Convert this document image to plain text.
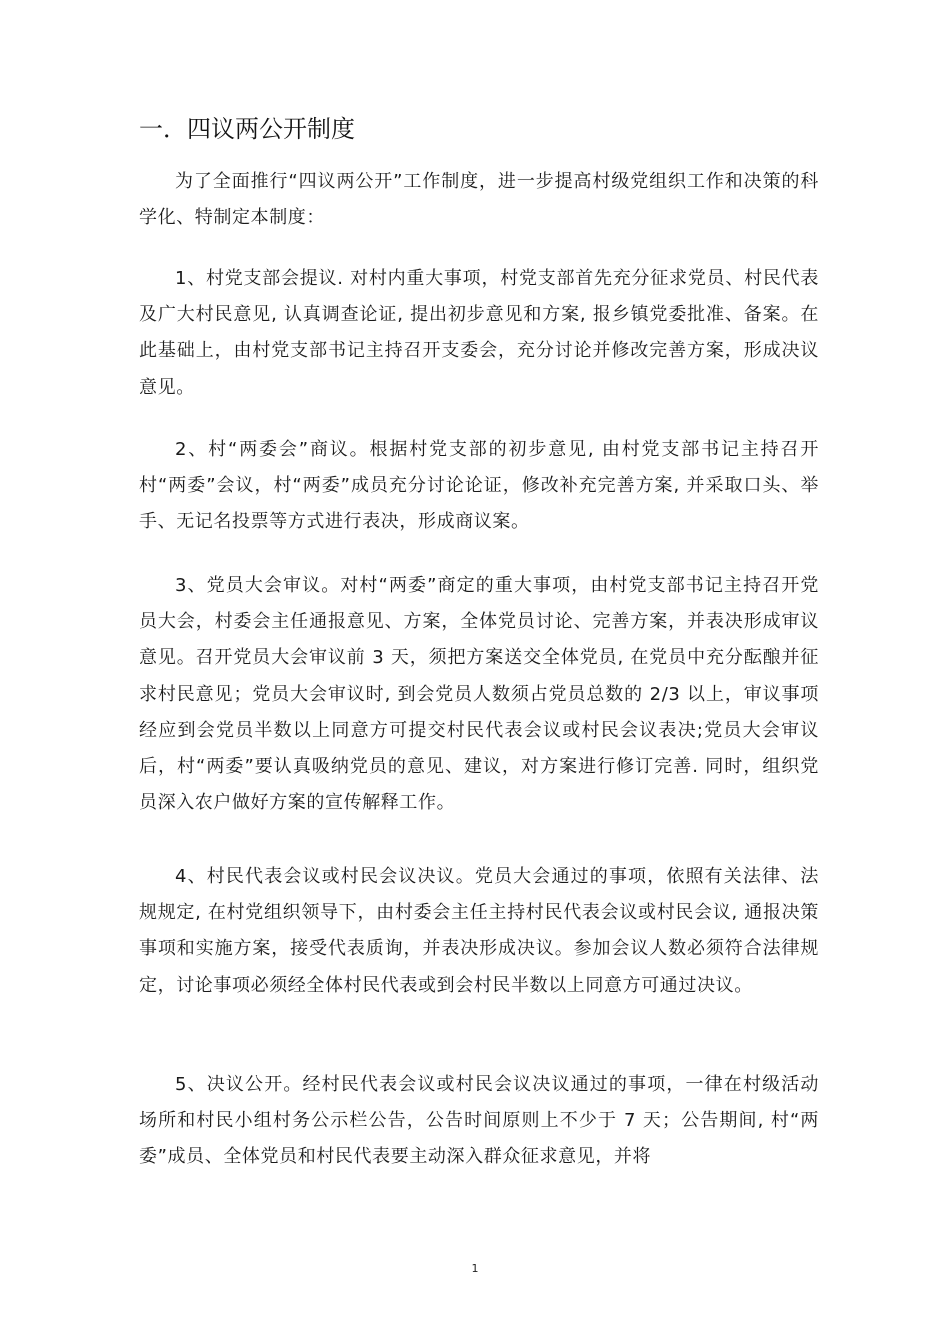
一．四议两公开制度

为了全面推行“四议两公开”工作制度，进一步提高村级党组织工作和决策的科学化、特制定本制度：

1、村党支部会提议. 对村内重大事项，村党支部首先充分征求党员、村民代表及广大村民意见, 认真调查论证, 提出初步意见和方案, 报乡镇党委批准、备案。在此基础上，由村党支部书记主持召开支委会，充分讨论并修改完善方案，形成决议意见。

2、村“两委会”商议。根据村党支部的初步意见, 由村党支部书记主持召开村“两委”会议，村“两委”成员充分讨论论证，修改补充完善方案, 并采取口头、举手、无记名投票等方式进行表决，形成商议案。

3、党员大会审议。对村“两委”商定的重大事项，由村党支部书记主持召开党员大会，村委会主任通报意见、方案，全体党员讨论、完善方案，并表决形成审议意见。召开党员大会审议前 3 天，须把方案送交全体党员, 在党员中充分酝酿并征求村民意见；党员大会审议时, 到会党员人数须占党员总数的 2/3 以上，审议事项经应到会党员半数以上同意方可提交村民代表会议或村民会议表决;党员大会审议后，村“两委”要认真吸纳党员的意见、建议，对方案进行修订完善. 同时，组织党员深入农户做好方案的宣传解释工作。

4、村民代表会议或村民会议决议。党员大会通过的事项，依照有关法律、法规规定, 在村党组织领导下，由村委会主任主持村民代表会议或村民会议, 通报决策事项和实施方案，接受代表质询，并表决形成决议。参加会议人数必须符合法律规定，讨论事项必须经全体村民代表或到会村民半数以上同意方可通过决议。

5、决议公开。经村民代表会议或村民会议决议通过的事项，一律在村级活动场所和村民小组村务公示栏公告，公告时间原则上不少于 7 天；公告期间, 村“两委”成员、全体党员和村民代表要主动深入群众征求意见，并将

1
